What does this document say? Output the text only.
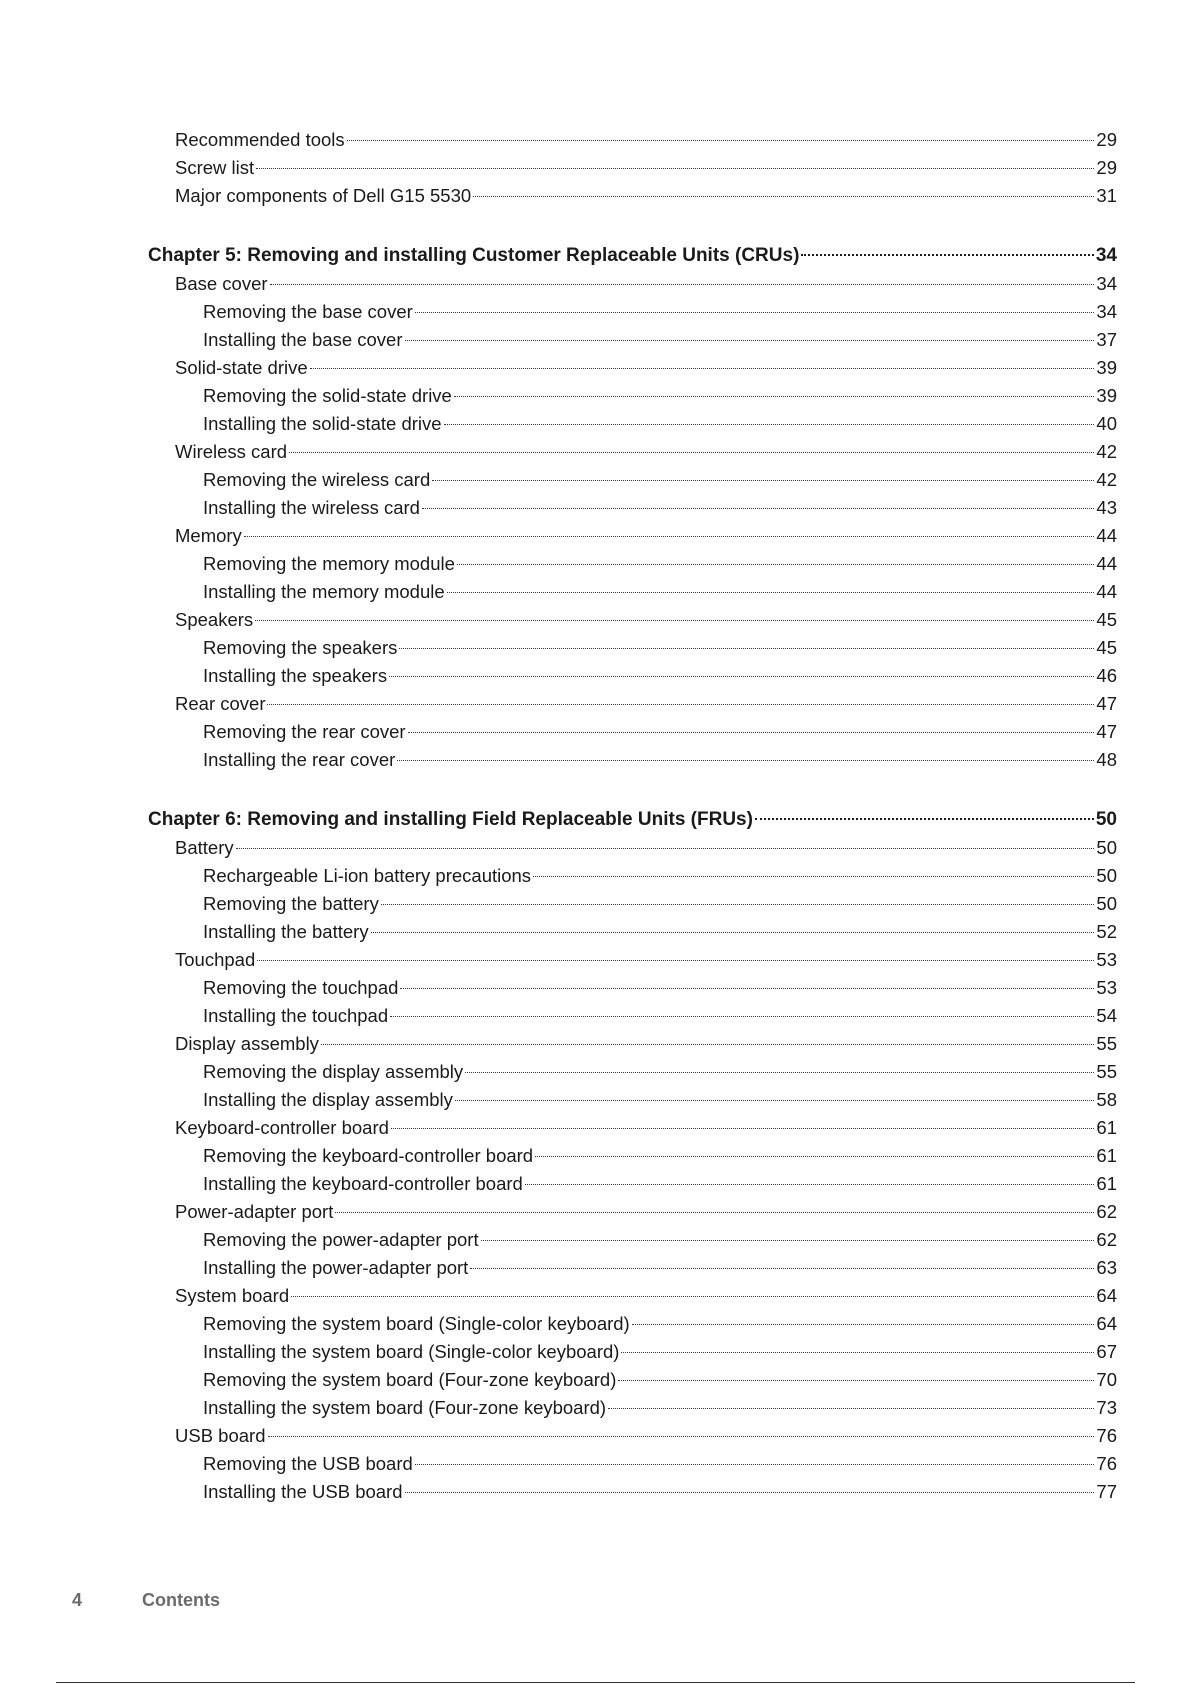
Recommended tools	29
Screw list	29
Major components of Dell G15 5530	31
Chapter 5: Removing and installing Customer Replaceable Units (CRUs)	34
Base cover	34
Removing the base cover	34
Installing the base cover	37
Solid-state drive	39
Removing the solid-state drive	39
Installing the solid-state drive	40
Wireless card	42
Removing the wireless card	42
Installing the wireless card	43
Memory	44
Removing the memory module	44
Installing the memory module	44
Speakers	45
Removing the speakers	45
Installing the speakers	46
Rear cover	47
Removing the rear cover	47
Installing the rear cover	48
Chapter 6: Removing and installing Field Replaceable Units (FRUs)	50
Battery	50
Rechargeable Li-ion battery precautions	50
Removing the battery	50
Installing the battery	52
Touchpad	53
Removing the touchpad	53
Installing the touchpad	54
Display assembly	55
Removing the display assembly	55
Installing the display assembly	58
Keyboard-controller board	61
Removing the keyboard-controller board	61
Installing the keyboard-controller board	61
Power-adapter port	62
Removing the power-adapter port	62
Installing the power-adapter port	63
System board	64
Removing the system board (Single-color keyboard)	64
Installing the system board (Single-color keyboard)	67
Removing the system board (Four-zone keyboard)	70
Installing the system board (Four-zone keyboard)	73
USB board	76
Removing the USB board	76
Installing the USB board	77
4	Contents
